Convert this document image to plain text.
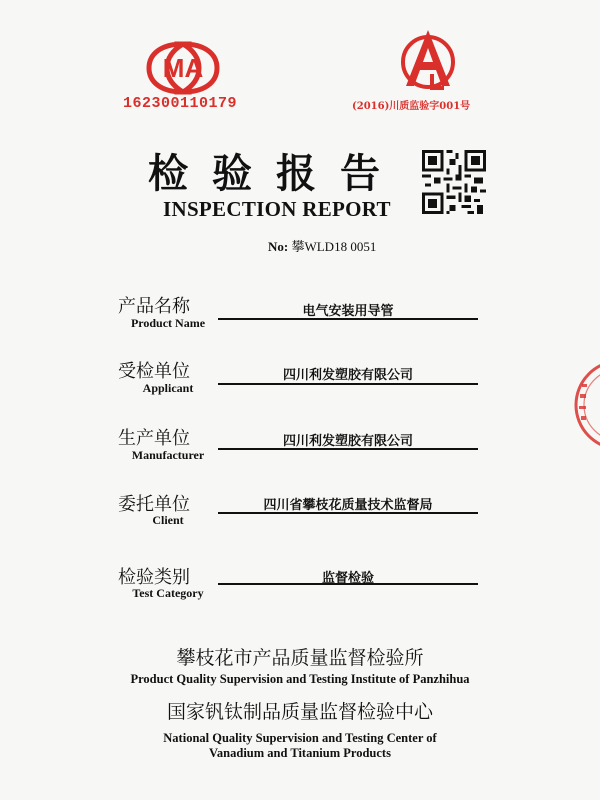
MA
162300110179	(2016)川质监验字001号
检验报告
INSPECTION REPORT
No: 攀WLD18 0051
产品名称
Product Name
电气安装用导管
受检单位
Applicant
四川利发塑胶有限公司
生产单位
Manufacturer
四川利发塑胶有限公司
委托单位
Client
四川省攀枝花质量技术监督局
检验类别
Test Category
监督检验
攀枝花市产品质量监督检验所
Product Quality Supervision and Testing Institute of Panzhihua
国家钒钛制品质量监督检验中心
National Quality Supervision and Testing Center of
Vanadium and Titanium Products
